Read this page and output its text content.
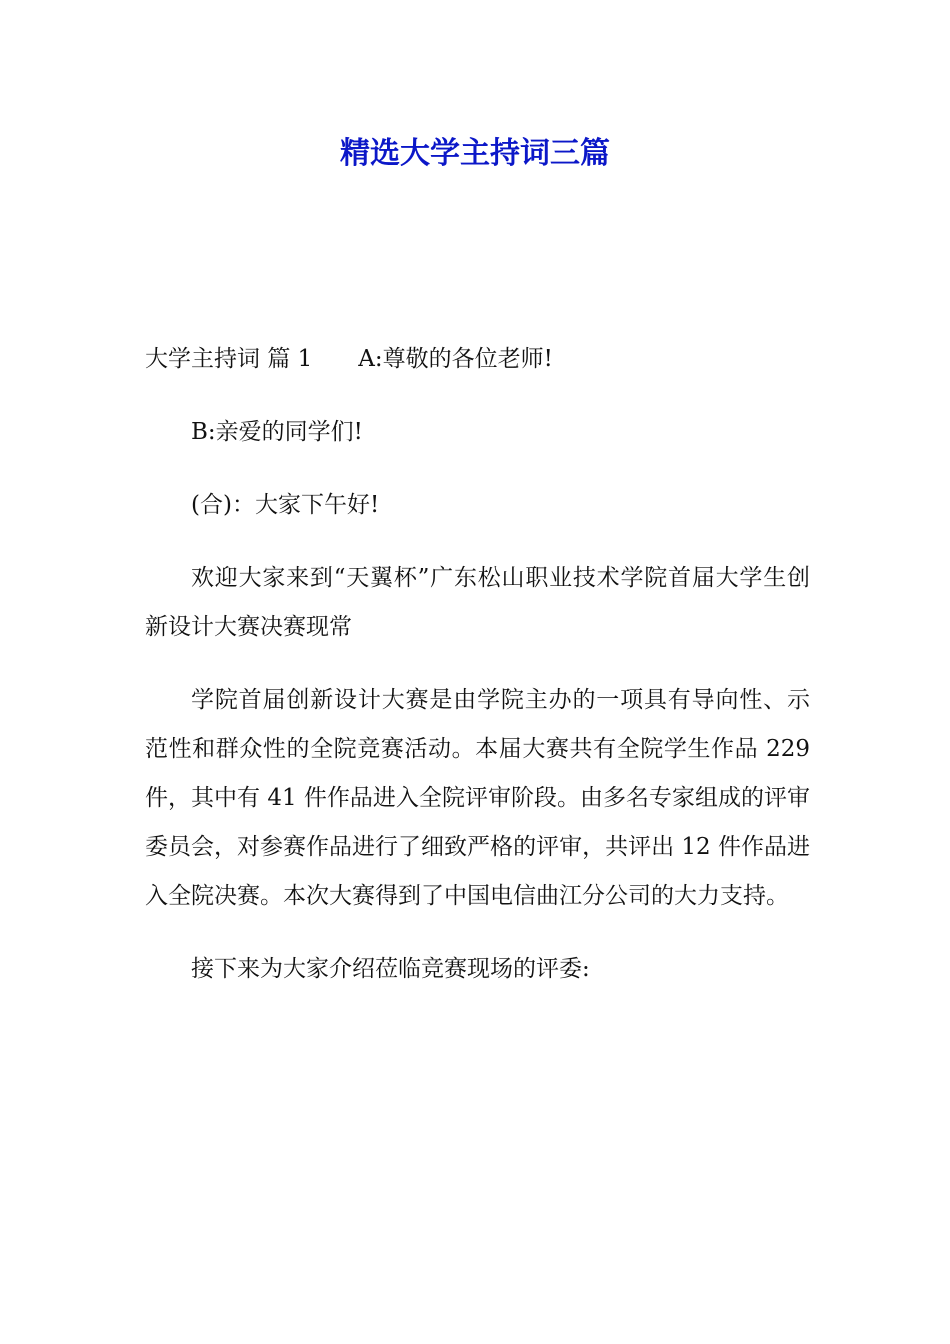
精选大学主持词三篇

大学主持词 篇 1 A:尊敬的各位老师!

B:亲爱的同学们!

(合)：大家下午好!

欢迎大家来到“天翼杯”广东松山职业技术学院首届大学生创新设计大赛决赛现常

学院首届创新设计大赛是由学院主办的一项具有导向性、示范性和群众性的全院竞赛活动。本届大赛共有全院学生作品 229 件，其中有 41 件作品进入全院评审阶段。由多名专家组成的评审委员会，对参赛作品进行了细致严格的评审，共评出 12 件作品进入全院决赛。本次大赛得到了中国电信曲江分公司的大力支持。

接下来为大家介绍莅临竞赛现场的评委:
